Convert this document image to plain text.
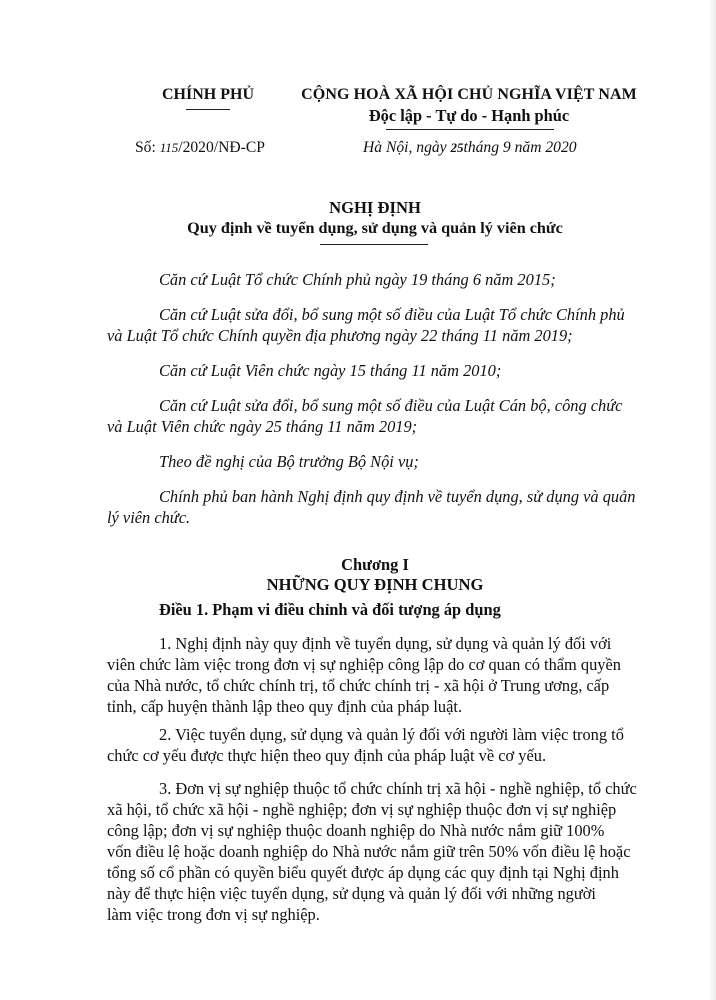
CHÍNH PHỦ	CỘNG HOÀ XÃ HỘI CHỦ NGHĨA VIỆT NAM
Độc lập - Tự do - Hạnh phúc
Số: 115/2020/NĐ-CP	Hà Nội, ngày 25tháng 9 năm 2020
NGHỊ ĐỊNH
Quy định về tuyển dụng, sử dụng và quản lý viên chức
Căn cứ Luật Tổ chức Chính phủ ngày 19 tháng 6 năm 2015;
Căn cứ Luật sửa đổi, bổ sung một số điều của Luật Tổ chức Chính phủ
và Luật Tổ chức Chính quyền địa phương ngày 22 tháng 11 năm 2019;
Căn cứ Luật Viên chức ngày 15 tháng 11 năm 2010;
Căn cứ Luật sửa đổi, bổ sung một số điều của Luật Cán bộ, công chức
và Luật Viên chức ngày 25 tháng 11 năm 2019;
Theo đề nghị của Bộ trưởng Bộ Nội vụ;
Chính phủ ban hành Nghị định quy định về tuyển dụng, sử dụng và quản
lý viên chức.
Chương I
NHỮNG QUY ĐỊNH CHUNG
Điều 1. Phạm vi điều chỉnh và đối tượng áp dụng
1. Nghị định này quy định về tuyển dụng, sử dụng và quản lý đối với
viên chức làm việc trong đơn vị sự nghiệp công lập do cơ quan có thẩm quyền
của Nhà nước, tổ chức chính trị, tổ chức chính trị - xã hội ở Trung ương, cấp
tỉnh, cấp huyện thành lập theo quy định của pháp luật.
2. Việc tuyển dụng, sử dụng và quản lý đối với người làm việc trong tổ
chức cơ yếu được thực hiện theo quy định của pháp luật về cơ yếu.
3. Đơn vị sự nghiệp thuộc tổ chức chính trị xã hội - nghề nghiệp, tổ chức
xã hội, tổ chức xã hội - nghề nghiệp; đơn vị sự nghiệp thuộc đơn vị sự nghiệp
công lập; đơn vị sự nghiệp thuộc doanh nghiệp do Nhà nước nắm giữ 100%
vốn điều lệ hoặc doanh nghiệp do Nhà nước nắm giữ trên 50% vốn điều lệ hoặc
tổng số cổ phần có quyền biểu quyết được áp dụng các quy định tại Nghị định
này để thực hiện việc tuyển dụng, sử dụng và quản lý đối với những người
làm việc trong đơn vị sự nghiệp.
